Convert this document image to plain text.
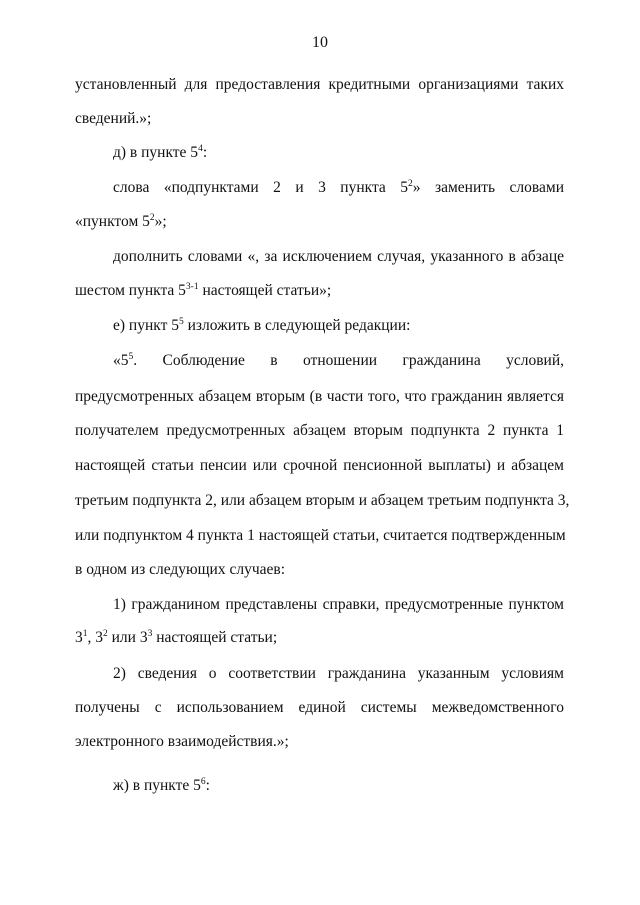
10
установленный для предоставления кредитными организациями таких
сведений.»;
д) в пункте $5^4$:
слова «подпунктами 2 и 3 пункта $5^2$» заменить словами
«пунктом $5^2$»;
дополнить словами «, за исключением случая, указанного в абзаце
шестом пункта 5$^{3-1}$ настоящей статьи»;
е) пункт $5^5$ изложить в следующей редакции:
«$5^5$. Соблюдение в отношении гражданина условий,
предусмотренных абзацем вторым (в части того, что гражданин является
получателем предусмотренных абзацем вторым подпункта 2 пункта 1
настоящей статьи пенсии или срочной пенсионной выплаты) и абзацем
третьим подпункта 2, или абзацем вторым и абзацем третьим подпункта 3,
или подпунктом 4 пункта 1 настоящей статьи, считается подтвержденным
в одном из следующих случаев:
1) гражданином представлены справки, предусмотренные пунктом
$3^1$, $3^2$ или $3^3$ настоящей статьи;
2) сведения о соответствии гражданина указанным условиям
получены с использованием единой системы межведомственного
электронного взаимодействия.»;
ж) в пункте $5^6$:
